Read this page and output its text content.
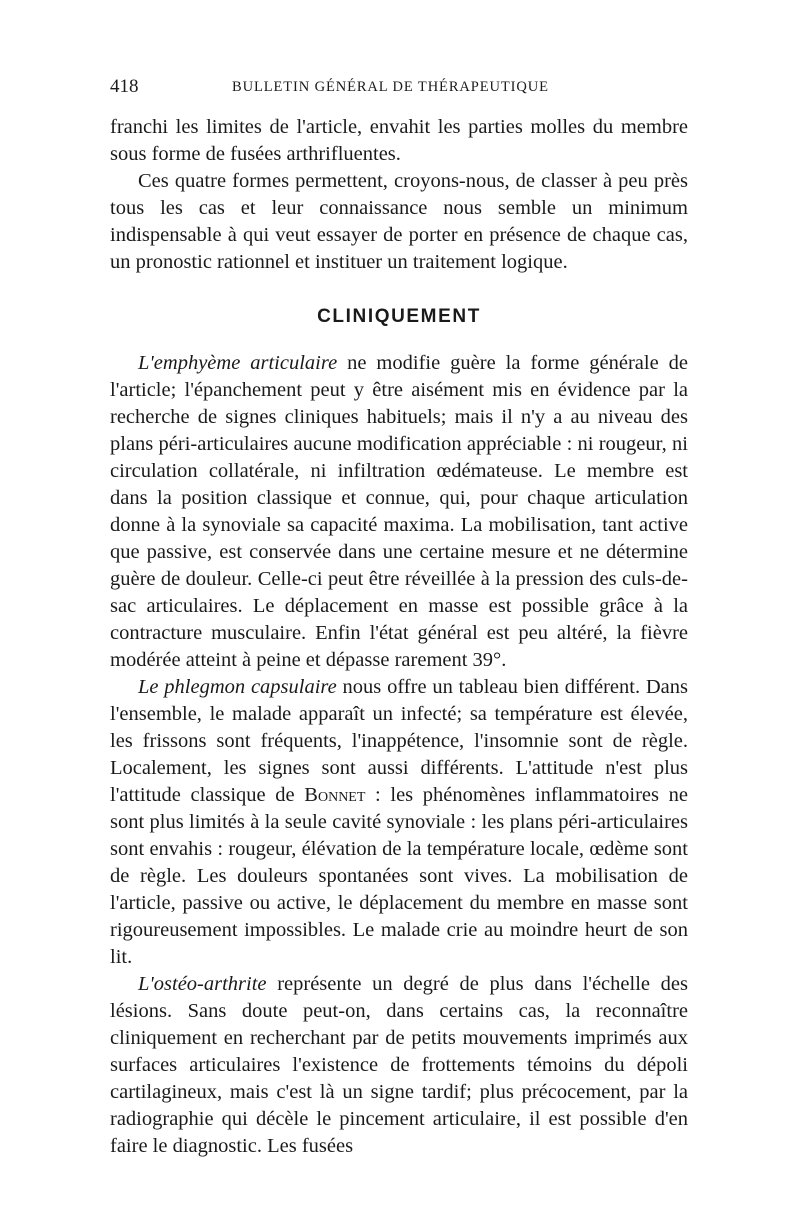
418	BULLETIN GÉNÉRAL DE THÉRAPEUTIQUE

franchi les limites de l'article, envahit les parties molles du membre sous forme de fusées arthrifluentes.

Ces quatre formes permettent, croyons-nous, de classer à peu près tous les cas et leur connaissance nous semble un minimum indispensable à qui veut essayer de porter en présence de chaque cas, un pronostic rationnel et instituer un traitement logique.

CLINIQUEMENT

L'emphyème articulaire ne modifie guère la forme générale de l'article; l'épanchement peut y être aisément mis en évidence par la recherche de signes cliniques habituels; mais il n'y a au niveau des plans péri-articulaires aucune modification appréciable : ni rougeur, ni circulation collatérale, ni infiltration œdémateuse. Le membre est dans la position classique et connue, qui, pour chaque articulation donne à la synoviale sa capacité maxima. La mobilisation, tant active que passive, est conservée dans une certaine mesure et ne détermine guère de douleur. Celle-ci peut être réveillée à la pression des culs-de-sac articulaires. Le déplacement en masse est possible grâce à la contracture musculaire. Enfin l'état général est peu altéré, la fièvre modérée atteint à peine et dépasse rarement 39°.

Le phlegmon capsulaire nous offre un tableau bien différent. Dans l'ensemble, le malade apparaît un infecté; sa température est élevée, les frissons sont fréquents, l'inappétence, l'insomnie sont de règle. Localement, les signes sont aussi différents. L'attitude n'est plus l'attitude classique de Bonnet : les phénomènes inflammatoires ne sont plus limités à la seule cavité synoviale : les plans péri-articulaires sont envahis : rougeur, élévation de la température locale, œdème sont de règle. Les douleurs spontanées sont vives. La mobilisation de l'article, passive ou active, le déplacement du membre en masse sont rigoureusement impossibles. Le malade crie au moindre heurt de son lit.

L'ostéo-arthrite représente un degré de plus dans l'échelle des lésions. Sans doute peut-on, dans certains cas, la reconnaître cliniquement en recherchant par de petits mouvements imprimés aux surfaces articulaires l'existence de frottements témoins du dépoli cartilagineux, mais c'est là un signe tardif; plus précocement, par la radiographie qui décèle le pincement articulaire, il est possible d'en faire le diagnostic. Les fusées
